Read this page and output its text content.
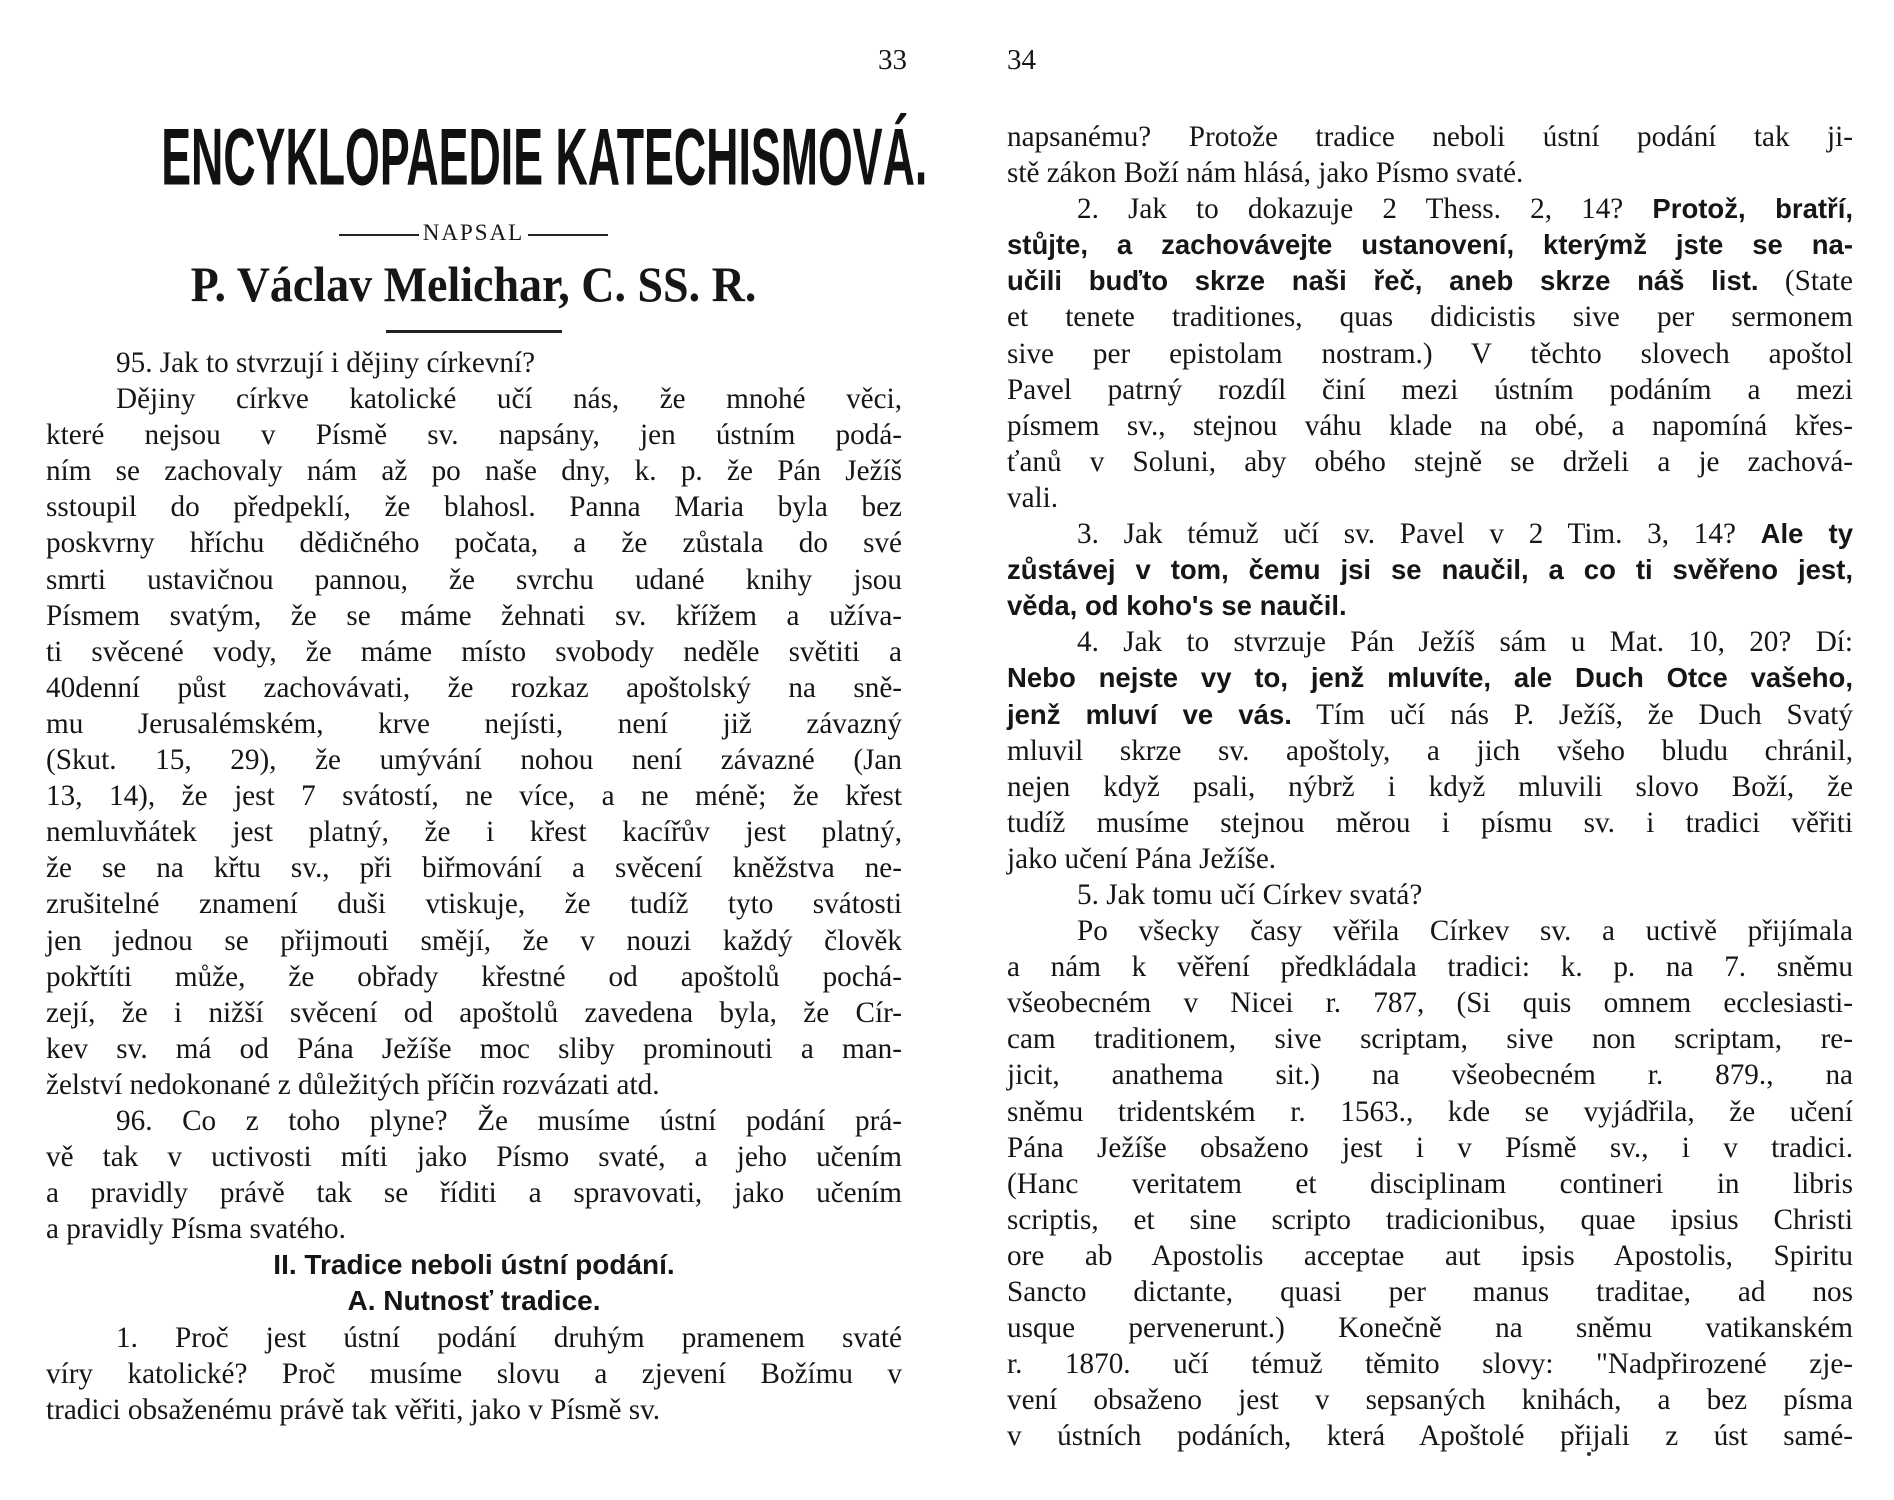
33
ENCYKLOPAEDIE KATECHISMOVÁ.
NAPSAL
P. Václav Melichar, C. SS. R.

95. Jak to stvrzují i dějiny církevní?

Dějiny církve katolické učí nás, že mnohé věci,

které nejsou v Písmě sv. napsány, jen ústním podá-

ním se zachovaly nám až po naše dny, k. p. že Pán Ježíš

sstoupil do předpeklí, že blahosl. Panna Maria byla bez

poskvrny hříchu dědičného počata, a že zůstala do své

smrti ustavičnou pannou, že svrchu udané knihy jsou

Písmem svatým, že se máme žehnati sv. křížem a užíva-

ti svěcené vody, že máme místo svobody neděle světiti a

40denní půst zachovávati, že rozkaz apoštolský na sně-

mu Jerusalémském, krve nejísti, není již závazný

(Skut. 15, 29), že umývání nohou není závazné (Jan

13, 14), že jest 7 svátostí, ne více, a ne méně; že křest

nemluvňátek jest platný, že i křest kacířův jest platný,

že se na křtu sv., při biřmování a svěcení kněžstva ne-

zrušitelné znamení duši vtiskuje, že tudíž tyto svátosti

jen jednou se přijmouti smějí, že v nouzi každý člověk

pokřtíti může, že obřady křestné od apoštolů pochá-

zejí, že i nižší svěcení od apoštolů zavedena byla, že Cír-

kev sv. má od Pána Ježíše moc sliby prominouti a man-

želství nedokonané z důležitých příčin rozvázati atd.

96. Co z toho plyne? Že musíme ústní podání prá-

vě tak v uctivosti míti jako Písmo svaté, a jeho učením

a pravidly právě tak se říditi a spravovati, jako učením

a pravidly Písma svatého.

II. Tradice neboli ústní podání.

A. Nutnosť tradice.

1. Proč jest ústní podání druhým pramenem svaté

víry katolické? Proč musíme slovu a zjevení Božímu v

tradici obsaženému právě tak věřiti, jako v Písmě sv.

34

napsanému? Protože tradice neboli ústní podání tak ji-

stě zákon Boží nám hlásá, jako Písmo svaté.

2. Jak to dokazuje 2 Thess. 2, 14? Protož, bratří,

stůjte, a zachovávejte ustanovení, kterýmž jste se na-

učili buďto skrze naši řeč, aneb skrze náš list. (State

et tenete traditiones, quas didicistis sive per sermonem

sive per epistolam nostram.) V těchto slovech apoštol

Pavel patrný rozdíl činí mezi ústním podáním a mezi

písmem sv., stejnou váhu klade na obé, a napomíná křes-

ťanů v Soluni, aby obého stejně se drželi a je zachová-

vali.

3. Jak témuž učí sv. Pavel v 2 Tim. 3, 14? Ale ty

zůstávej v tom, čemu jsi se naučil, a co ti svěřeno jest,

věda, od koho's se naučil.

4. Jak to stvrzuje Pán Ježíš sám u Mat. 10, 20? Dí:

Nebo nejste vy to, jenž mluvíte, ale Duch Otce vašeho,

jenž mluví ve vás. Tím učí nás P. Ježíš, že Duch Svatý

mluvil skrze sv. apoštoly, a jich všeho bludu chránil,

nejen když psali, nýbrž i když mluvili slovo Boží, že

tudíž musíme stejnou měrou i písmu sv. i tradici věřiti

jako učení Pána Ježíše.

5. Jak tomu učí Církev svatá?

Po všecky časy věřila Církev sv. a uctivě přijímala

a nám k věření předkládala tradici: k. p. na 7. sněmu

všeobecném v Nicei r. 787, (Si quis omnem ecclesiasti-

cam traditionem, sive scriptam, sive non scriptam, re-

jicit, anathema sit.) na všeobecném r. 879., na

sněmu tridentském r. 1563., kde se vyjádřila, že učení

Pána Ježíše obsaženo jest i v Písmě sv., i v tradici.

(Hanc veritatem et disciplinam contineri in libris

scriptis, et sine scripto tradicionibus, quae ipsius Christi

ore ab Apostolis acceptae aut ipsis Apostolis, Spiritu

Sancto dictante, quasi per manus traditae, ad nos

usque pervenerunt.) Konečně na sněmu vatikanském

r. 1870. učí témuž těmito slovy: "Nadpřirozené zje-

vení obsaženo jest v sepsaných knihách, a bez písma

v ústních podáních, která Apoštolé přijali z úst samé-
